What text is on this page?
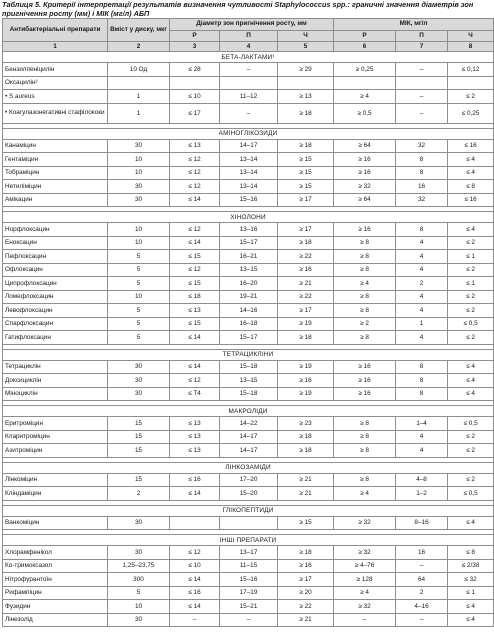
Таблиця 5. Критерії інтерпретації результатів визначення чутливості Staphylococcus spp.: граничні значення діаметрів зон пригнічення росту (мм) і МІК (мг/л) АБП
Антибактеріальні препарати	Вміст у диску, мкг	Діаметр зон пригнічення росту, мм			МІК, мг/л		
		Р	П	Ч	Р	П	Ч
1	2	3	4	5	6	7	8
БЕТА-ЛАКТАМИ¹							
Бензилпеніцилін	10 Од	≤ 28	–	≥ 29	≥ 0,25	–	≤ 0,12
Оксацилін²							
• S.aureus	1	≤ 10	11–12	≥ 13	≥ 4	–	≤ 2
• Коагулазонегативні стафілококи	1	≤ 17	–	≥ 18	≥ 0,5	–	≤ 0,25

АМІНОГЛІКОЗИДИ							
Канаміцин	30	≤ 13	14–17	≥ 18	≥ 64	32	≤ 16
Гентаміцин	10	≤ 12	13–14	≥ 15	≥ 16	8	≤ 4
Тобраміцин	10	≤ 12	13–14	≥ 15	≥ 16	8	≤ 4
Нетиліміцин	30	≤ 12	13–14	≥ 15	≥ 32	16	≤ 8
Амікацин	30	≤ 14	15–16	≥ 17	≥ 64	32	≤ 16

ХІНОЛОНИ							
Норфлоксацин	10	≤ 12	13–16	≥ 17	≥ 16	8	≤ 4
Еноксацин	10	≤ 14	15–17	≥ 18	≥ 8	4	≤ 2
Пефлоксацин	5	≤ 15	16–21	≥ 22	≥ 8	4	≤ 1
Офлоксацин	5	≤ 12	13–15	≥ 16	≥ 8	4	≤ 2
Ципрофлоксацин	5	≤ 15	16–20	≥ 21	≥ 4	2	≤ 1
Ломефлоксацин	10	≤ 18	19–21	≥ 22	≥ 8	4	≤ 2
Левофлоксацин	5	≤ 13	14–16	≥ 17	≥ 8	4	≤ 2
Спарфлоксацин	5	≤ 15	16–18	≥ 19	≥ 2	1	≤ 0,5
Гатифлоксацин	5	≤ 14	15–17	≥ 18	≥ 8	4	≤ 2

ТЕТРАЦИКЛІНИ							
Тетрациклін	30	≤ 14	15–18	≥ 19	≥ 16	8	≤ 4
Доксициклін	30	≤ 12	13–15	≥ 16	≥ 16	8	≤ 4
Міноциклін	30	≤ Т4	15–18	≥ 19	≥ 16	8	≤ 4

МАКРОЛІДИ							
Еритроміцин	15	≤ 13	14–22	≥ 23	≥ 8	1–4	≤ 0,5
Кларитроміцин	15	≤ 13	14–17	≥ 18	≥ 8	4	≤ 2
Азитроміцин	15	≤ 13	14–17	≥ 18	≥ 8	4	≤ 2

ЛІНКОЗАМІДИ							
Лінкоміцин	15	≤ 16	17–20	≥ 21	≥ 8	4–8	≤ 2
Кліндаміцин	2	≤ 14	15–20	≥ 21	≥ 4	1–2	≤ 0,5

ГЛІКОПЕПТИДИ							
Ванкоміцин	30			≥ 15	≥ 32	8–16	≤ 4

ІНШІ ПРЕПАРАТИ							
Хлорамфенікол	30	≤ 12	13–17	≥ 18	≥ 32	16	≤ 8
Ко-тримоксазол	1,25–23,75	≤ 10	11–15	≥ 16	≥ 4–76	–	≤ 2/38
Нітрофурантоїн	300	≤ 14	15–16	≥ 17	≥ 128	64	≤ 32
Рифампіцин	5	≤ 16	17–19	≥ 20	≥ 4	2	≤ 1
Фузидин	10	≤ 14	15–21	≥ 22	≥ 32	4–16	≤ 4
Лінезолід	30	–	–	≥ 21	–	–	≤ 4
